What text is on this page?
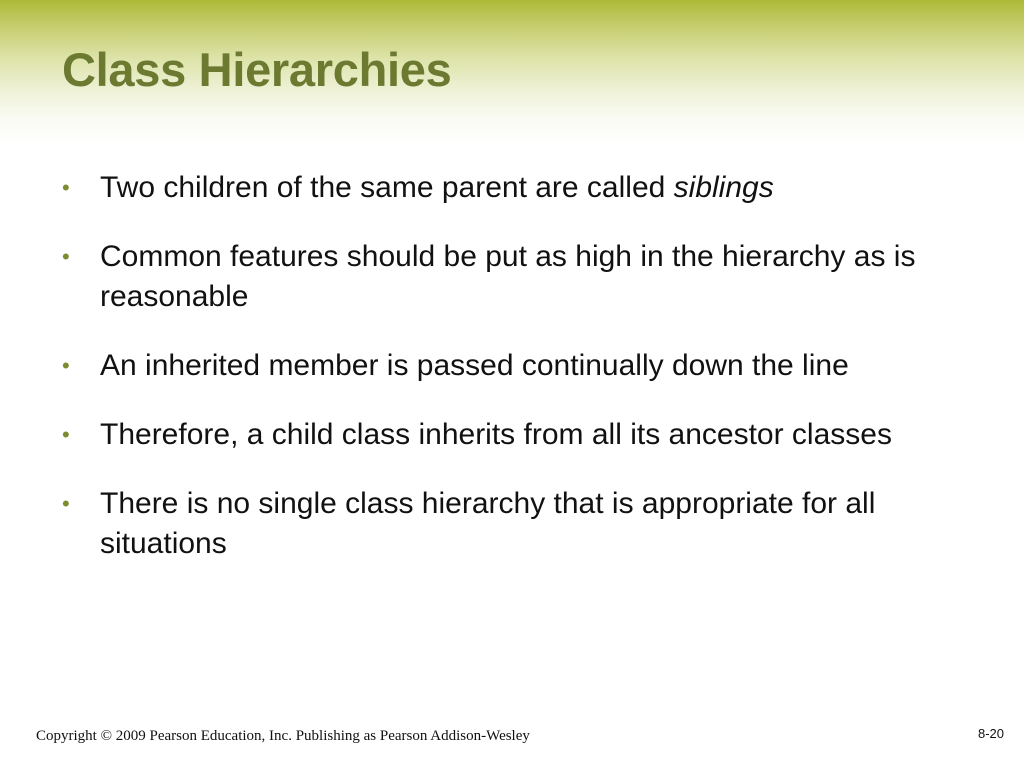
Class Hierarchies
•	Two children of the same parent are called siblings
•	Common features should be put as high in the hierarchy as is reasonable
•	An inherited member is passed continually down the line
•	Therefore, a child class inherits from all its ancestor classes
•	There is no single class hierarchy that is appropriate for all situations
Copyright © 2009 Pearson Education, Inc. Publishing as Pearson Addison-Wesley	8-20
